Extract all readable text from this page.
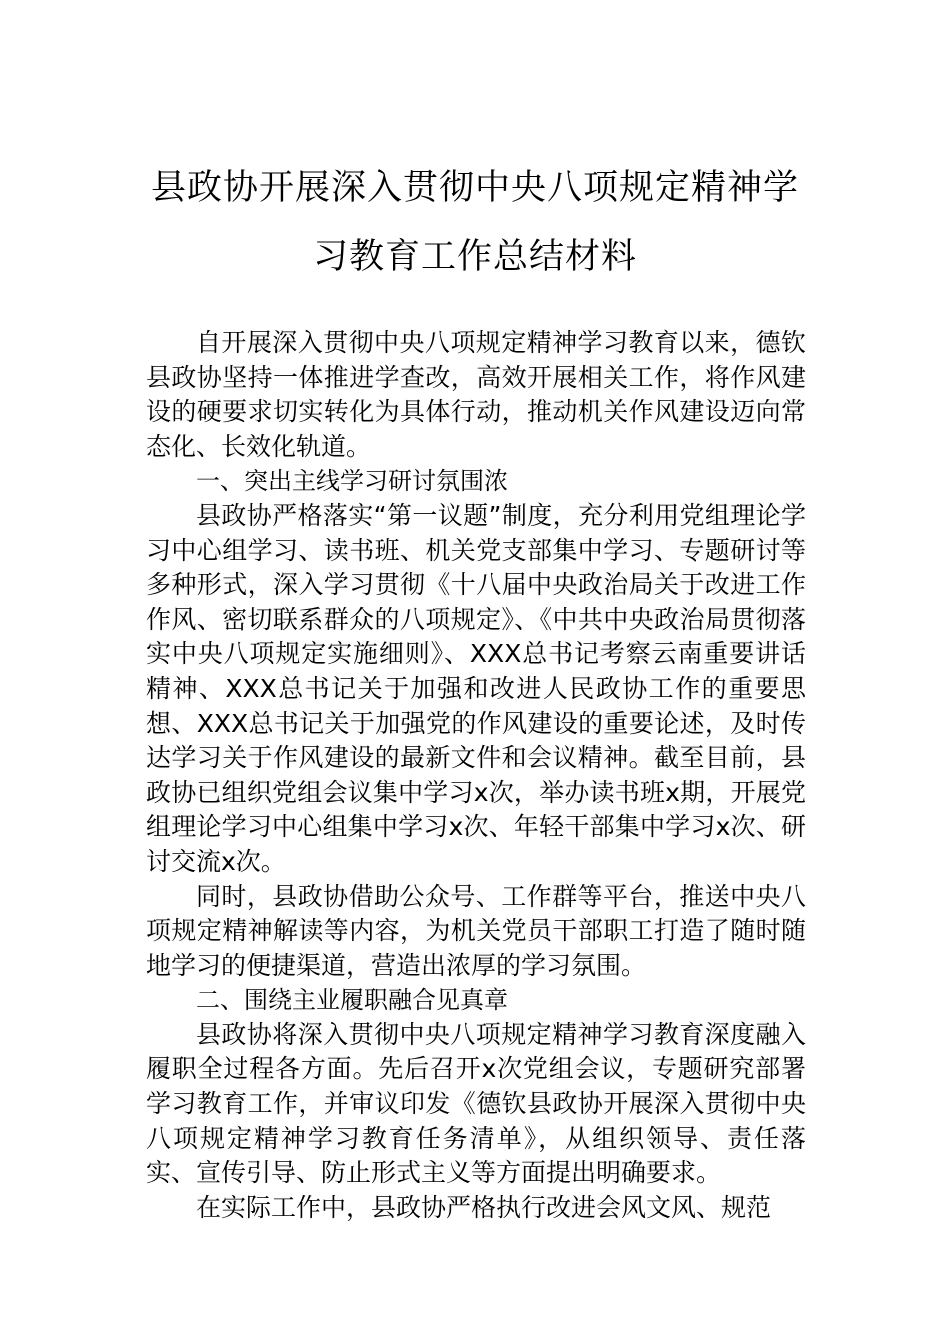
县政协开展深入贯彻中央八项规定精神学
习教育工作总结材料

自开展深入贯彻中央八项规定精神学习教育以来，德钦县政协坚持一体推进学查改，高效开展相关工作，将作风建设的硬要求切实转化为具体行动，推动机关作风建设迈向常态化、长效化轨道。

一、突出主线学习研讨氛围浓

县政协严格落实“第一议题”制度，充分利用党组理论学习中心组学习、读书班、机关党支部集中学习、专题研讨等多种形式，深入学习贯彻《十八届中央政治局关于改进工作作风、密切联系群众的八项规定》、《中共中央政治局贯彻落实中央八项规定实施细则》、XXX总书记考察云南重要讲话精神、XXX总书记关于加强和改进人民政协工作的重要思想、XXX总书记关于加强党的作风建设的重要论述，及时传达学习关于作风建设的最新文件和会议精神。截至目前，县政协已组织党组会议集中学习x次，举办读书班x期，开展党组理论学习中心组集中学习x次、年轻干部集中学习x次、研讨交流x次。

同时，县政协借助公众号、工作群等平台，推送中央八项规定精神解读等内容，为机关党员干部职工打造了随时随地学习的便捷渠道，营造出浓厚的学习氛围。

二、围绕主业履职融合见真章

县政协将深入贯彻中央八项规定精神学习教育深度融入履职全过程各方面。先后召开x次党组会议，专题研究部署学习教育工作，并审议印发《德钦县政协开展深入贯彻中央八项规定精神学习教育任务清单》，从组织领导、责任落实、宣传引导、防止形式主义等方面提出明确要求。

在实际工作中，县政协严格执行改进会风文风、规范
